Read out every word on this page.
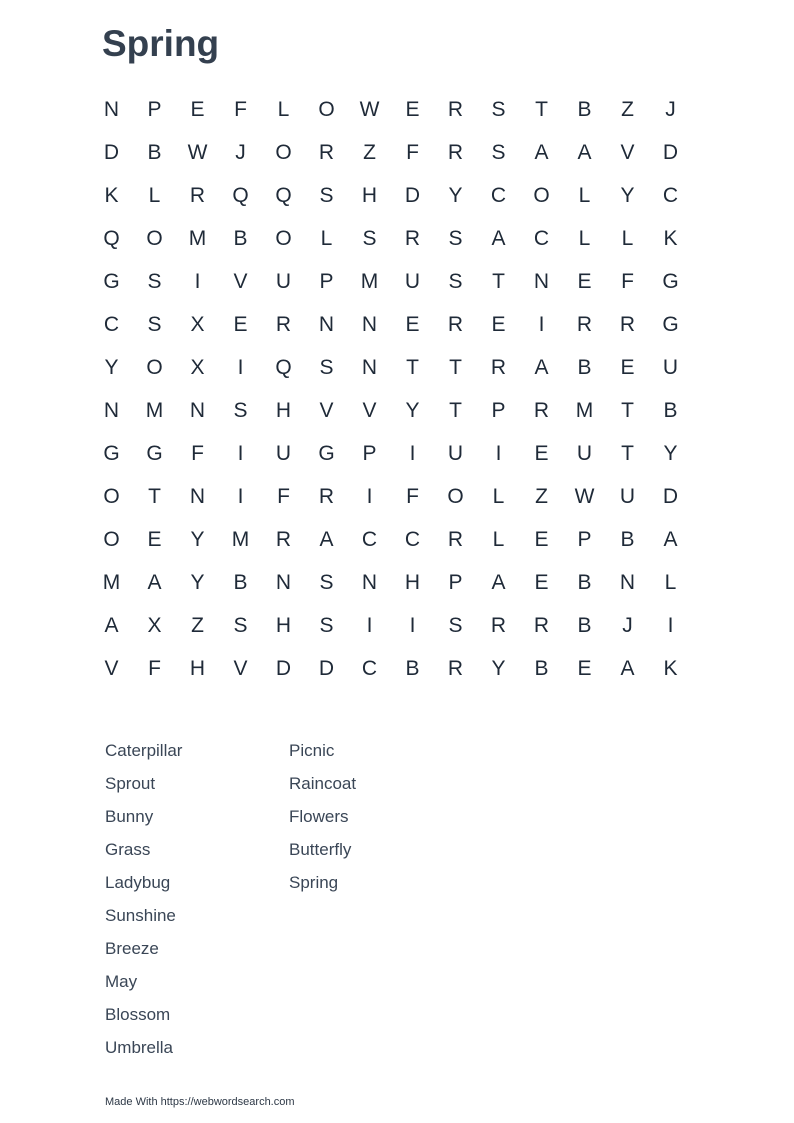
Spring
N	P	E	F	L	O	W	E	R	S	T	B	Z	J
D	B	W	J	O	R	Z	F	R	S	A	A	V	D
K	L	R	Q	Q	S	H	D	Y	C	O	L	Y	C
Q	O	M	B	O	L	S	R	S	A	C	L	L	K
G	S	I	V	U	P	M	U	S	T	N	E	F	G
C	S	X	E	R	N	N	E	R	E	I	R	R	G
Y	O	X	I	Q	S	N	T	T	R	A	B	E	U
N	M	N	S	H	V	V	Y	T	P	R	M	T	B
G	G	F	I	U	G	P	I	U	I	E	U	T	Y
O	T	N	I	F	R	I	F	O	L	Z	W	U	D
O	E	Y	M	R	A	C	C	R	L	E	P	B	A
M	A	Y	B	N	S	N	H	P	A	E	B	N	L
A	X	Z	S	H	S	I	I	S	R	R	B	J	I
V	F	H	V	D	D	C	B	R	Y	B	E	A	K
Caterpillar
Sprout
Bunny
Grass
Ladybug
Sunshine
Breeze
May
Blossom
Umbrella
Picnic
Raincoat
Flowers
Butterfly
Spring
Made With https://webwordsearch.com
